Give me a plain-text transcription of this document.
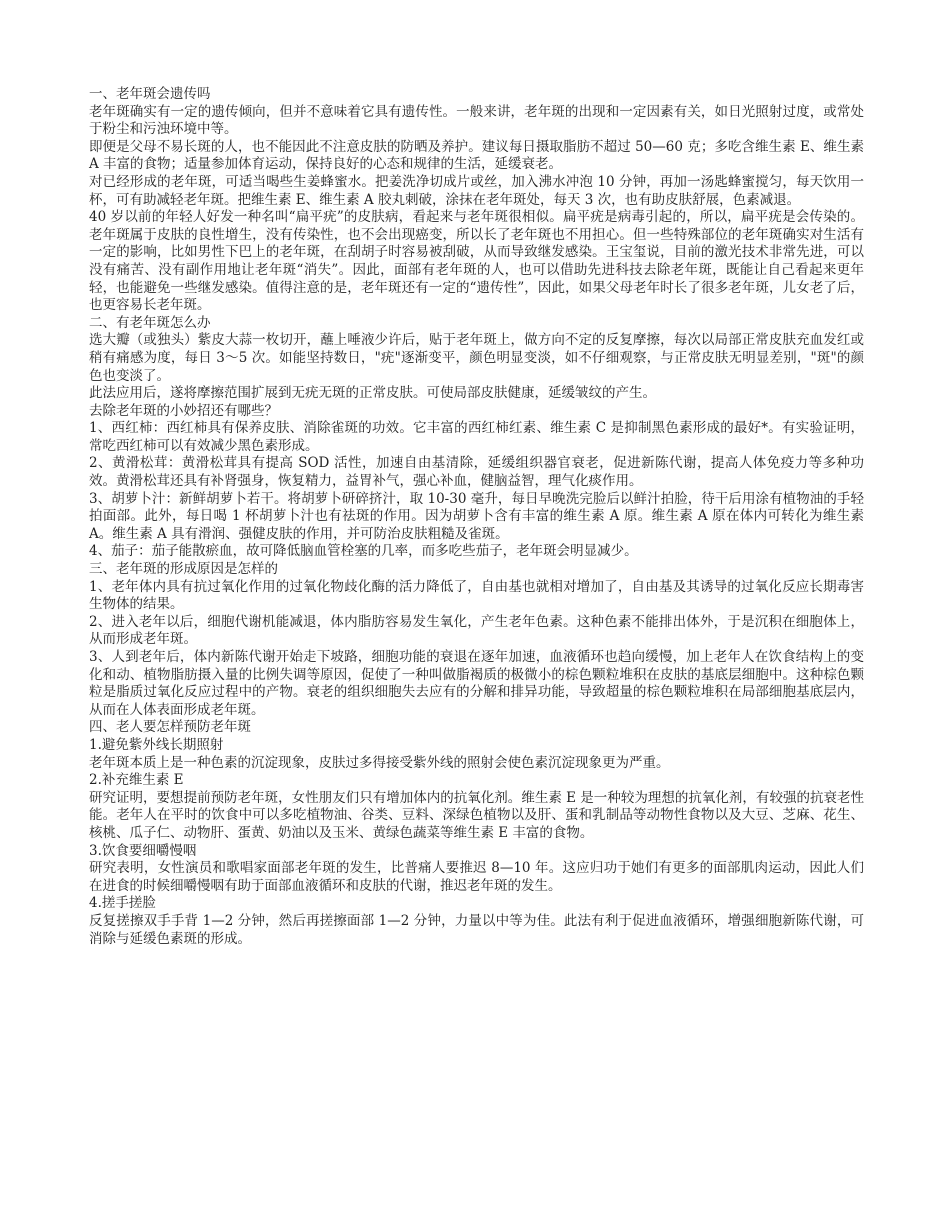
一、老年斑会遗传吗

老年斑确实有一定的遗传倾向，但并不意味着它具有遗传性。一般来讲，老年斑的出现和一定因素有关，如日光照射过度，或常处于粉尘和污浊环境中等。

即便是父母不易长斑的人，也不能因此不注意皮肤的防晒及养护。建议每日摄取脂肪不超过 50—60 克；多吃含维生素 E、维生素 A 丰富的食物；适量参加体育运动，保持良好的心态和规律的生活，延缓衰老。

对已经形成的老年斑，可适当喝些生姜蜂蜜水。把姜洗净切成片或丝，加入沸水冲泡 10 分钟，再加一汤匙蜂蜜搅匀，每天饮用一杯，可有助减轻老年斑。把维生素 E、维生素 A 胶丸刺破，涂抹在老年斑处，每天 3 次，也有助皮肤舒展，色素减退。

40 岁以前的年轻人好发一种名叫“扁平疣”的皮肤病，看起来与老年斑很相似。扁平疣是病毒引起的，所以，扁平疣是会传染的。老年斑属于皮肤的良性增生，没有传染性，也不会出现癌变，所以长了老年斑也不用担心。但一些特殊部位的老年斑确实对生活有一定的影响，比如男性下巴上的老年斑，在刮胡子时容易被刮破，从而导致继发感染。王宝玺说，目前的激光技术非常先进，可以没有痛苦、没有副作用地让老年斑“消失”。因此，面部有老年斑的人，也可以借助先进科技去除老年斑，既能让自己看起来更年轻，也能避免一些继发感染。值得注意的是，老年斑还有一定的“遗传性”，因此，如果父母老年时长了很多老年斑，儿女老了后，也更容易长老年斑。

二、有老年斑怎么办

选大瓣（或独头）紫皮大蒜一枚切开，蘸上唾液少许后，贴于老年斑上，做方向不定的反复摩擦，每次以局部正常皮肤充血发红或稍有痛感为度，每日 3～5 次。如能坚持数日，"疣"逐渐变平，颜色明显变淡，如不仔细观察，与正常皮肤无明显差别，"斑"的颜色也变淡了。

此法应用后，遂将摩擦范围扩展到无疣无斑的正常皮肤。可使局部皮肤健康，延缓皱纹的产生。

去除老年斑的小妙招还有哪些？

1、西红柿：西红柿具有保养皮肤、消除雀斑的功效。它丰富的西红柿红素、维生素 C 是抑制黑色素形成的最好*。有实验证明，常吃西红柿可以有效减少黑色素形成。

2、黄滑松茸：黄滑松茸具有提高 SOD 活性，加速自由基清除，延缓组织器官衰老，促进新陈代谢，提高人体免疫力等多种功效。黄滑松茸还具有补肾强身，恢复精力，益胃补气，强心补血，健脑益智，理气化痰作用。

3、胡萝卜汁：新鲜胡萝卜若干。将胡萝卜研碎挤汁，取 10-30 毫升，每日早晚洗完脸后以鲜汁拍脸，待干后用涂有植物油的手轻拍面部。此外，每日喝 1 杯胡萝卜汁也有祛斑的作用。因为胡萝卜含有丰富的维生素 A 原。维生素 A 原在体内可转化为维生素 A。维生素 A 具有滑润、强健皮肤的作用，并可防治皮肤粗糙及雀斑。

4、茄子：茄子能散瘀血，故可降低脑血管栓塞的几率，而多吃些茄子，老年斑会明显减少。

三、老年斑的形成原因是怎样的

1、老年体内具有抗过氧化作用的过氧化物歧化酶的活力降低了，自由基也就相对增加了，自由基及其诱导的过氧化反应长期毒害生物体的结果。

2、进入老年以后，细胞代谢机能减退，体内脂肪容易发生氧化，产生老年色素。这种色素不能排出体外，于是沉积在细胞体上，从而形成老年斑。

3、人到老年后，体内新陈代谢开始走下坡路，细胞功能的衰退在逐年加速，血液循环也趋向缓慢，加上老年人在饮食结构上的变化和动、植物脂肪摄入量的比例失调等原因，促使了一种叫做脂褐质的极微小的棕色颗粒堆积在皮肤的基底层细胞中。这种棕色颗粒是脂质过氧化反应过程中的产物。衰老的组织细胞失去应有的分解和排异功能，导致超量的棕色颗粒堆积在局部细胞基底层内，从而在人体表面形成老年斑。

四、老人要怎样预防老年斑

1.避免紫外线长期照射

老年斑本质上是一种色素的沉淀现象，皮肤过多得接受紫外线的照射会使色素沉淀现象更为严重。

2.补充维生素 E

研究证明，要想提前预防老年斑，女性朋友们只有增加体内的抗氧化剂。维生素 E 是一种较为理想的抗氧化剂，有较强的抗衰老性能。老年人在平时的饮食中可以多吃植物油、谷类、豆料、深绿色植物以及肝、蛋和乳制品等动物性食物以及大豆、芝麻、花生、核桃、瓜子仁、动物肝、蛋黄、奶油以及玉米、黄绿色蔬菜等维生素 E 丰富的食物。

3.饮食要细嚼慢咽

研究表明，女性演员和歌唱家面部老年斑的发生，比普痛人要推迟 8—10 年。这应归功于她们有更多的面部肌肉运动，因此人们在进食的时候细嚼慢咽有助于面部血液循环和皮肤的代谢，推迟老年斑的发生。

4.搓手搓脸

反复搓擦双手手背 1—2 分钟，然后再搓擦面部 1—2 分钟，力量以中等为佳。此法有利于促进血液循环，增强细胞新陈代谢，可消除与延缓色素斑的形成。
